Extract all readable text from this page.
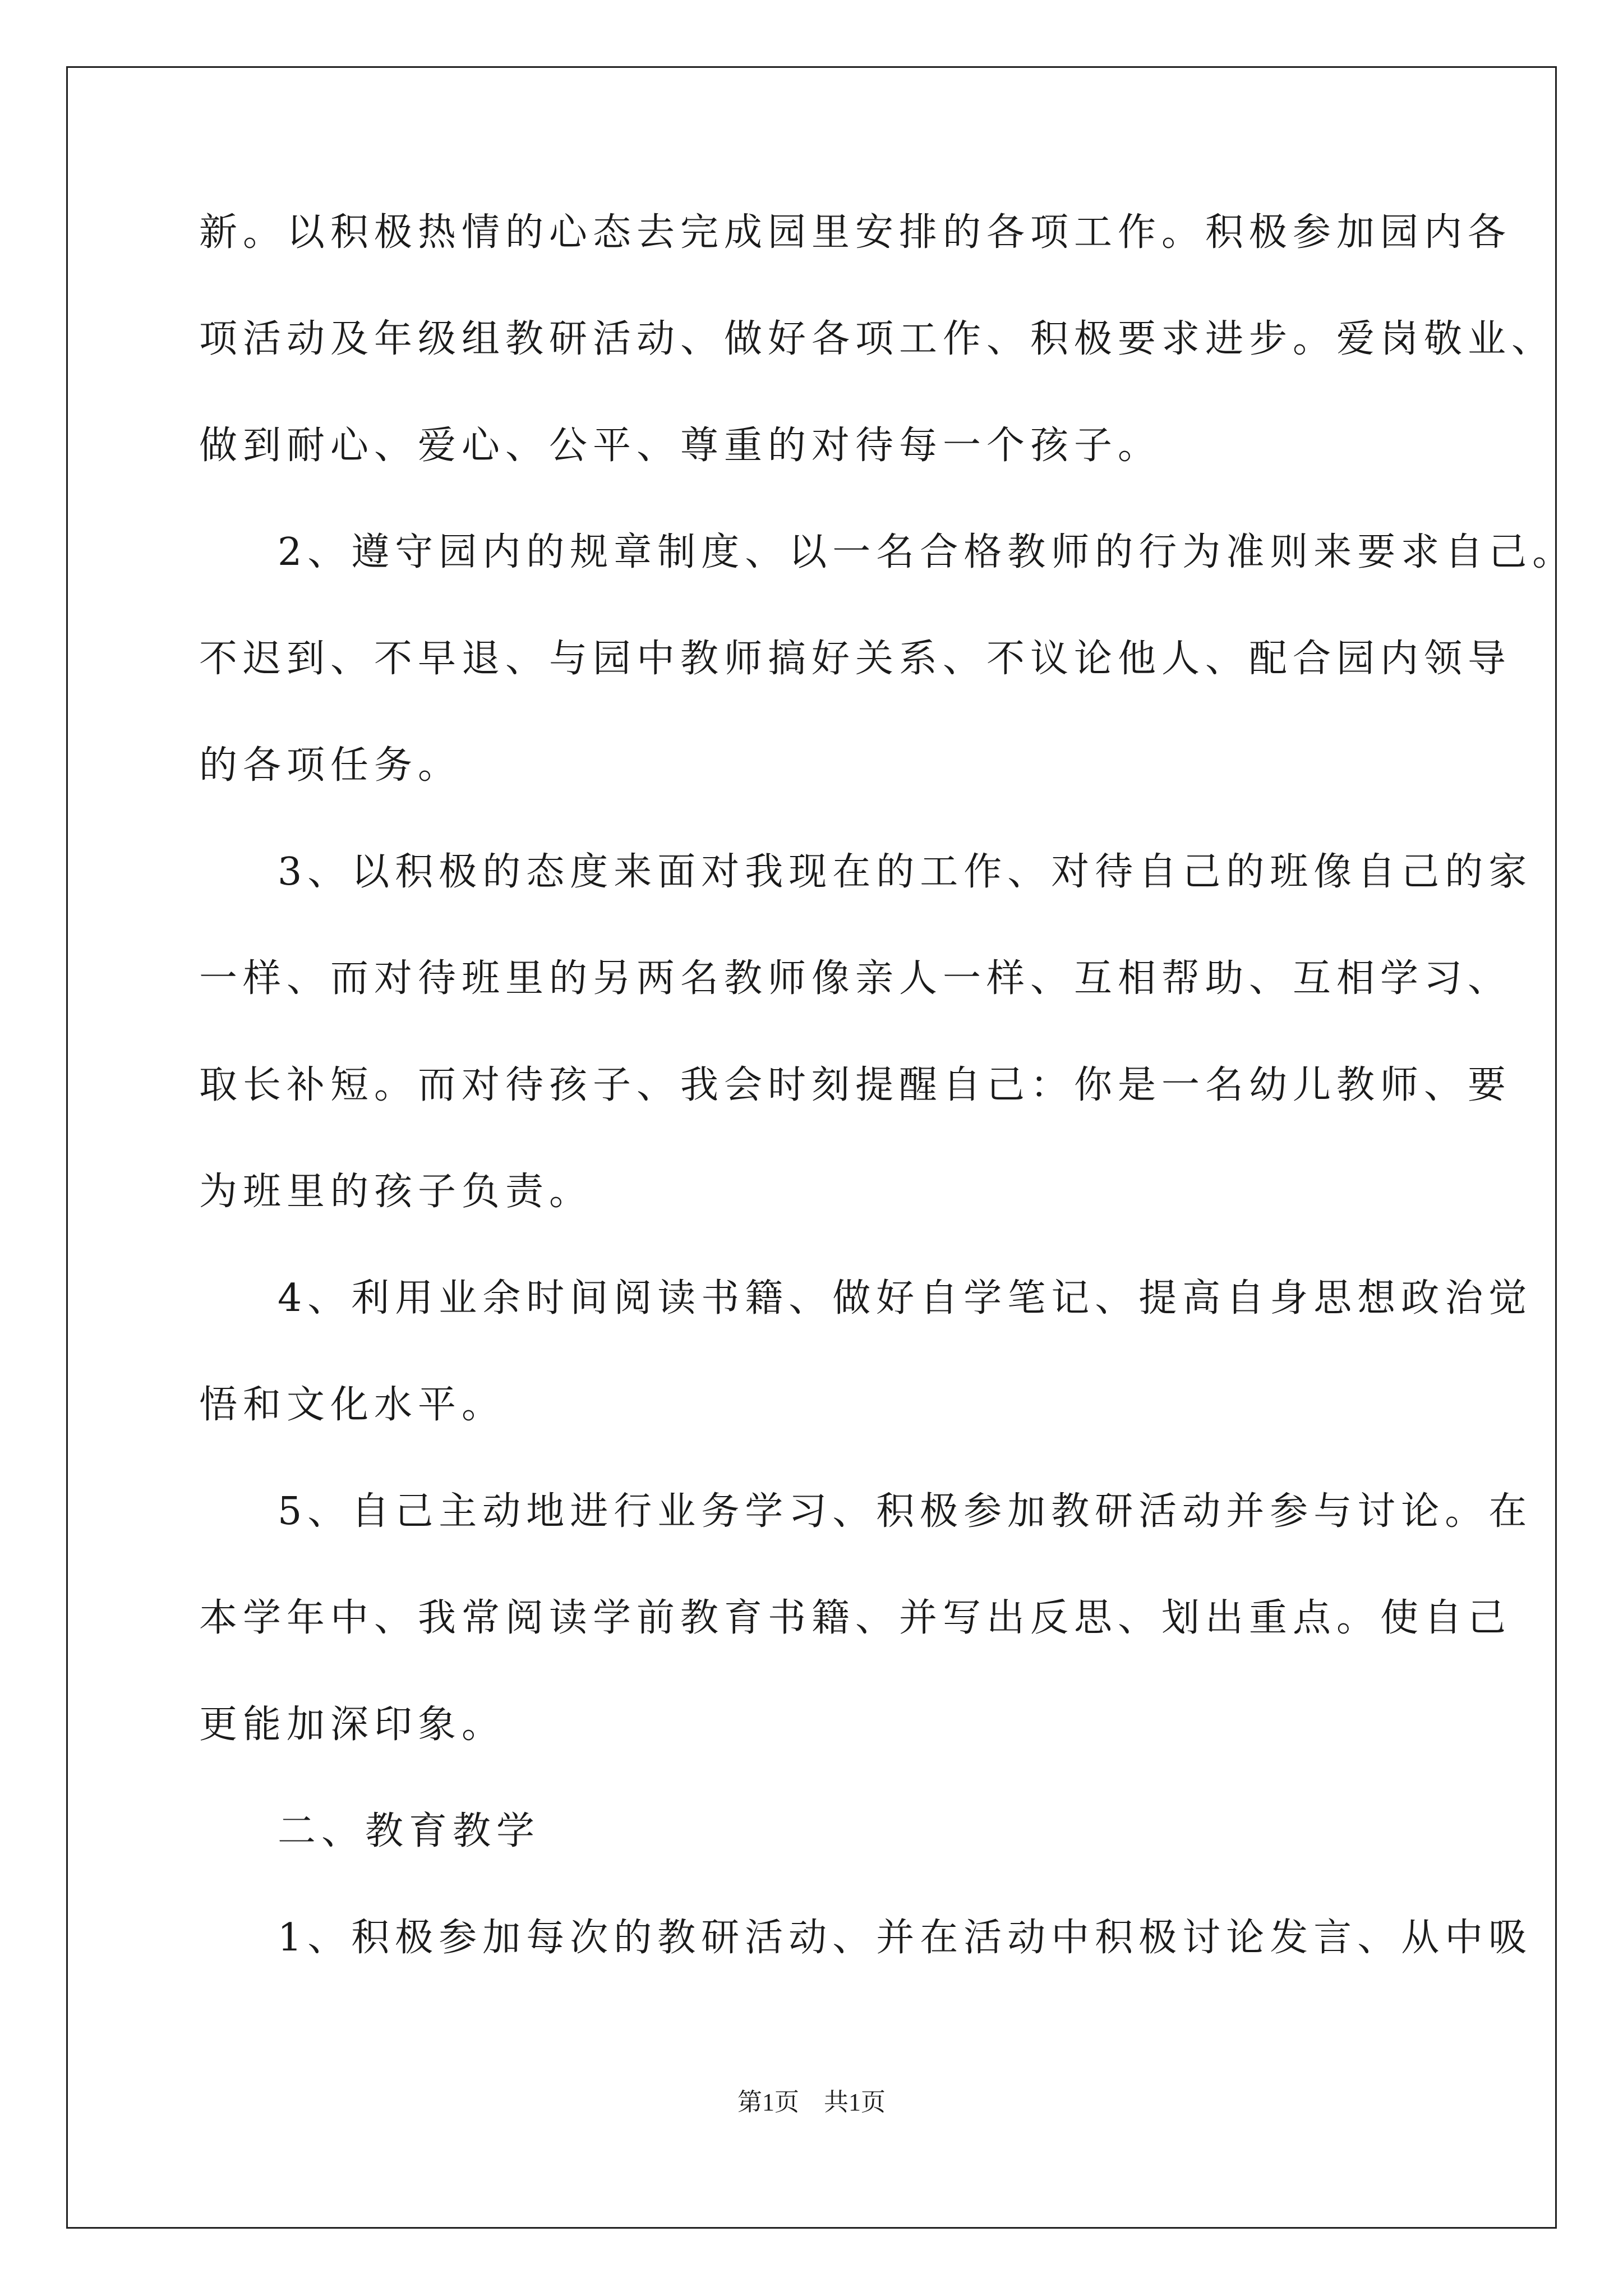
新。以积极热情的心态去完成园里安排的各项工作。积极参加园内各
项活动及年级组教研活动、做好各项工作、积极要求进步。爱岗敬业、
做到耐心、爱心、公平、尊重的对待每一个孩子。
2、遵守园内的规章制度、以一名合格教师的行为准则来要求自己。
不迟到、不早退、与园中教师搞好关系、不议论他人、配合园内领导
的各项任务。
3、以积极的态度来面对我现在的工作、对待自己的班像自己的家
一样、而对待班里的另两名教师像亲人一样、互相帮助、互相学习、
取长补短。而对待孩子、我会时刻提醒自己：你是一名幼儿教师、要
为班里的孩子负责。
4、利用业余时间阅读书籍、做好自学笔记、提高自身思想政治觉
悟和文化水平。
5、自己主动地进行业务学习、积极参加教研活动并参与讨论。在
本学年中、我常阅读学前教育书籍、并写出反思、划出重点。使自己
更能加深印象。
二、教育教学
1、积极参加每次的教研活动、并在活动中积极讨论发言、从中吸
第1页　共1页
